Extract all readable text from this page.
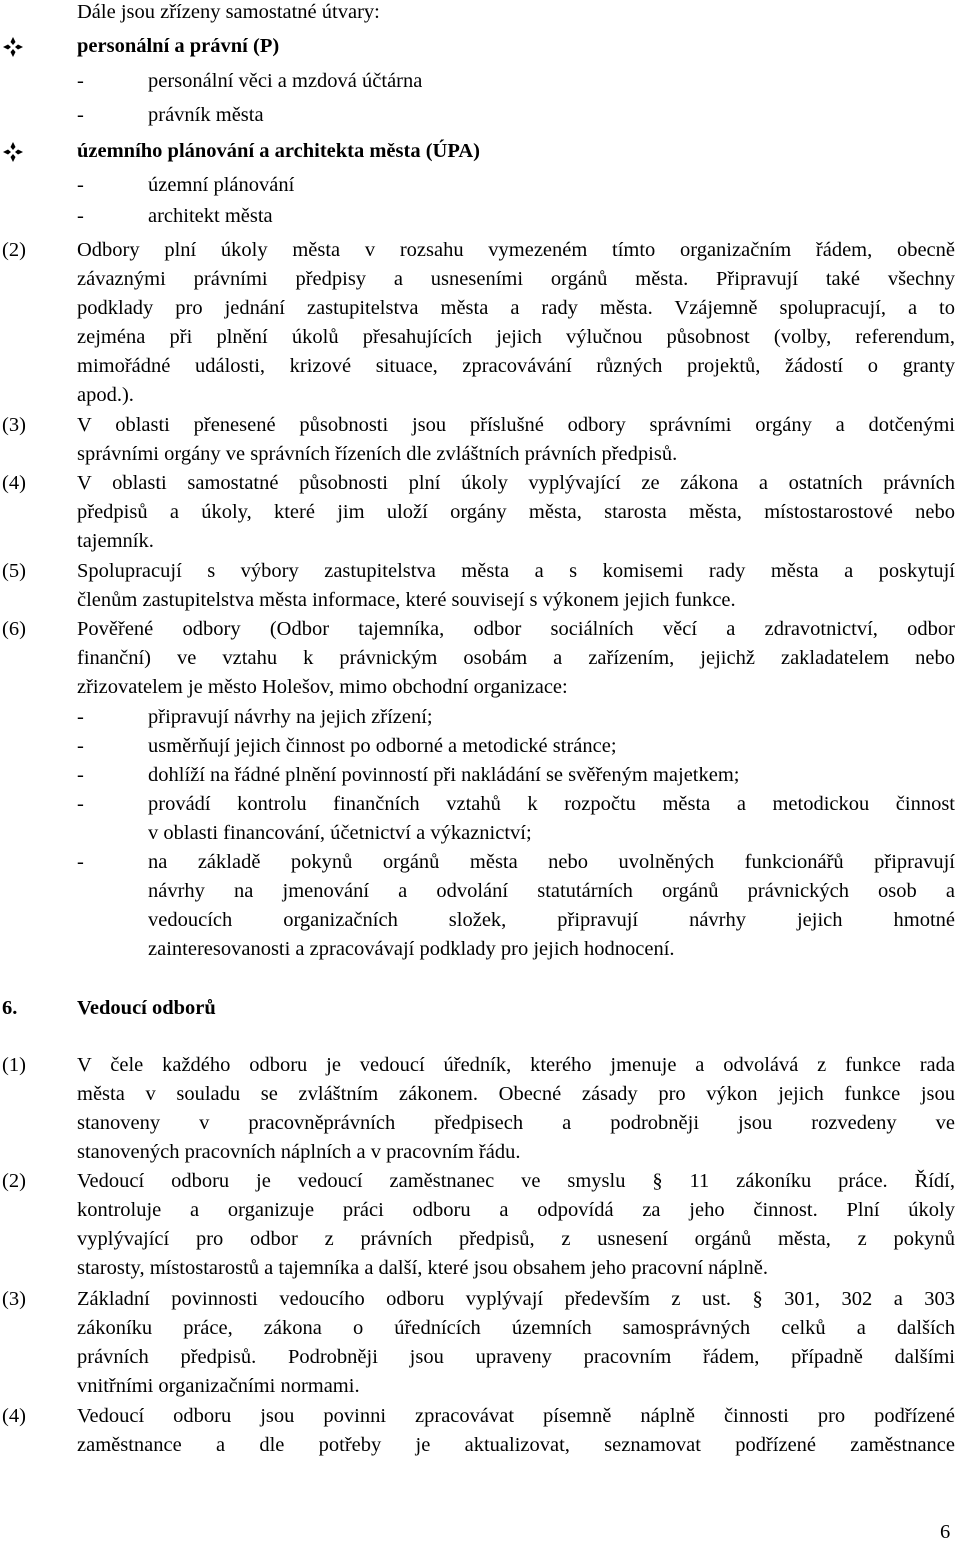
Dále jsou zřízeny samostatné útvary:
personální a právní (P)
-	personální věci a mzdová účtárna
-	právník města
územního plánování a architekta města (ÚPA)
-	územní plánování
-	architekt města
(2) Odbory plní úkoly města v rozsahu vymezeném tímto organizačním řádem, obecně
závaznými právními předpisy a usneseními orgánů města. Připravují také všechny
podklady pro jednání zastupitelstva města a rady města. Vzájemně spolupracují, a to
zejména při plnění úkolů přesahujících jejich výlučnou působnost (volby, referendum,
mimořádné události, krizové situace, zpracovávání různých projektů, žádostí o granty
apod.).
(3) V oblasti přenesené působnosti jsou příslušné odbory správními orgány a dotčenými
správními orgány ve správních řízeních dle zvláštních právních předpisů.
(4) V oblasti samostatné působnosti plní úkoly vyplývající ze zákona a ostatních právních
předpisů a úkoly, které jim uloží orgány města, starosta města, místostarostové nebo
tajemník.
(5) Spolupracují s výbory zastupitelstva města a s komisemi rady města a poskytují
členům zastupitelstva města informace, které souvisejí s výkonem jejich funkce.
(6) Pověřené odbory (Odbor tajemníka, odbor sociálních věcí a zdravotnictví, odbor
finanční) ve vztahu k právnickým osobám a zařízením, jejichž zakladatelem nebo
zřizovatelem je město Holešov, mimo obchodní organizace:
-	připravují návrhy na jejich zřízení;
-	usměrňují jejich činnost po odborné a metodické stránce;
-	dohlíží na řádné plnění povinností při nakládání se svěřeným majetkem;
-	provádí kontrolu finančních vztahů k rozpočtu města a metodickou činnost
v oblasti financování, účetnictví a výkaznictví;
-	na základě pokynů orgánů města nebo uvolněných funkcionářů připravují
návrhy na jmenování a odvolání statutárních orgánů právnických osob a
vedoucích organizačních složek, připravují návrhy jejich hmotné
zainteresovanosti a zpracovávají podklady pro jejich hodnocení.
6.	Vedoucí odborů
(1) V čele každého odboru je vedoucí úředník, kterého jmenuje a odvolává z funkce rada
města v souladu se zvláštním zákonem. Obecné zásady pro výkon jejich funkce jsou
stanoveny v pracovněprávních předpisech a podrobněji jsou rozvedeny ve
stanovených pracovních náplních a v pracovním řádu.
(2) Vedoucí odboru je vedoucí zaměstnanec ve smyslu § 11 zákoníku práce. Řídí,
kontroluje a organizuje práci odboru a odpovídá za jeho činnost. Plní úkoly
vyplývající pro odbor z právních předpisů, z usnesení orgánů města, z pokynů
starosty, místostarostů a tajemníka a další, které jsou obsahem jeho pracovní náplně.
(3) Základní povinnosti vedoucího odboru vyplývají především z ust. § 301, 302 a 303
zákoníku práce, zákona o úřednících územních samosprávných celků a dalších
právních předpisů. Podrobněji jsou upraveny pracovním řádem, případně dalšími
vnitřními organizačními normami.
(4) Vedoucí odboru jsou povinni zpracovávat písemně náplně činnosti pro podřízené
zaměstnance a dle potřeby je aktualizovat, seznamovat podřízené zaměstnance
6
